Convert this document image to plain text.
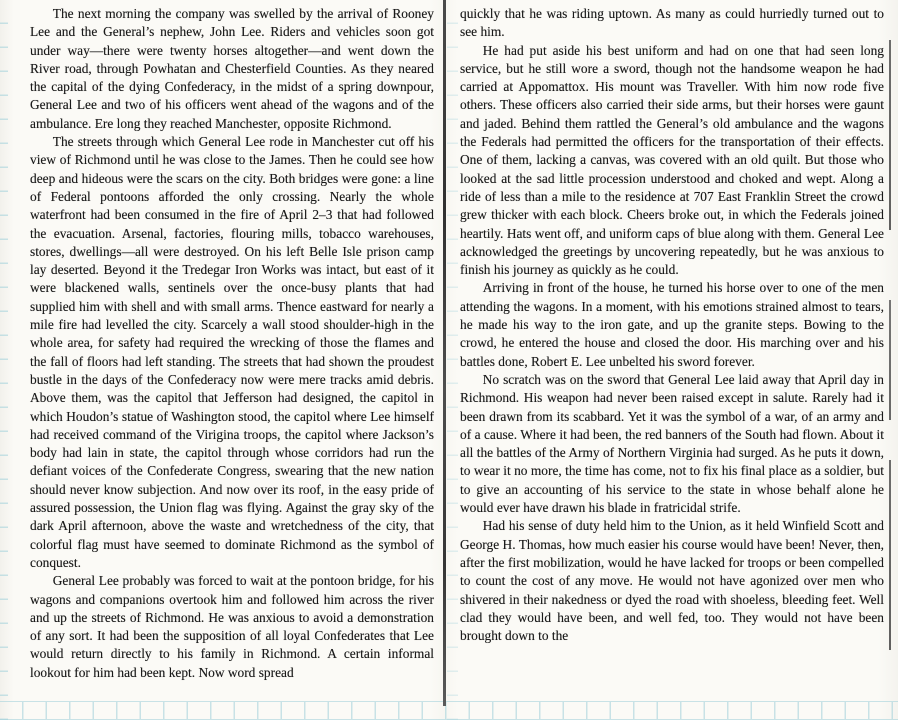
The next morning the company was swelled by the arrival of Rooney Lee and the General’s nephew, John Lee. Riders and vehicles soon got under way—there were twenty horses altogether—and went down the River road, through Powhatan and Chesterfield Counties. As they neared the capital of the dying Confederacy, in the midst of a spring downpour, General Lee and two of his officers went ahead of the wagons and of the ambulance. Ere long they reached Manchester, opposite Richmond.

The streets through which General Lee rode in Manchester cut off his view of Richmond until he was close to the James. Then he could see how deep and hideous were the scars on the city. Both bridges were gone: a line of Federal pontoons afforded the only crossing. Nearly the whole waterfront had been consumed in the fire of April 2–3 that had followed the evacuation. Arsenal, factories, flouring mills, tobacco warehouses, stores, dwellings—all were destroyed. On his left Belle Isle prison camp lay deserted. Beyond it the Tredegar Iron Works was intact, but east of it were blackened walls, sentinels over the once-busy plants that had supplied him with shell and with small arms. Thence eastward for nearly a mile fire had levelled the city. Scarcely a wall stood shoulder-high in the whole area, for safety had required the wrecking of those the flames and the fall of floors had left standing. The streets that had shown the proudest bustle in the days of the Confederacy now were mere tracks amid debris. Above them, was the capitol that Jefferson had designed, the capitol in which Houdon’s statue of Washington stood, the capitol where Lee himself had received command of the Virigina troops, the capitol where Jackson’s body had lain in state, the capitol through whose corridors had run the defiant voices of the Confederate Congress, swearing that the new nation should never know subjection. And now over its roof, in the easy pride of assured possession, the Union flag was flying. Against the gray sky of the dark April afternoon, above the waste and wretchedness of the city, that colorful flag must have seemed to dominate Richmond as the symbol of conquest.

General Lee probably was forced to wait at the pontoon bridge, for his wagons and companions overtook him and followed him across the river and up the streets of Richmond. He was anxious to avoid a demonstration of any sort. It had been the supposition of all loyal Confederates that Lee would return directly to his family in Richmond. A certain informal lookout for him had been kept. Now word spread

quickly that he was riding uptown. As many as could hurriedly turned out to see him.

He had put aside his best uniform and had on one that had seen long service, but he still wore a sword, though not the handsome weapon he had carried at Appomattox. His mount was Traveller. With him now rode five others. These officers also carried their side arms, but their horses were gaunt and jaded. Behind them rattled the General’s old ambulance and the wagons the Federals had permitted the officers for the transportation of their effects. One of them, lacking a canvas, was covered with an old quilt. But those who looked at the sad little procession understood and choked and wept. Along a ride of less than a mile to the residence at 707 East Franklin Street the crowd grew thicker with each block. Cheers broke out, in which the Federals joined heartily. Hats went off, and uniform caps of blue along with them. General Lee acknowledged the greetings by uncovering repeatedly, but he was anxious to finish his journey as quickly as he could.

Arriving in front of the house, he turned his horse over to one of the men attending the wagons. In a moment, with his emotions strained almost to tears, he made his way to the iron gate, and up the granite steps. Bowing to the crowd, he entered the house and closed the door. His marching over and his battles done, Robert E. Lee unbelted his sword forever.

No scratch was on the sword that General Lee laid away that April day in Richmond. His weapon had never been raised except in salute. Rarely had it been drawn from its scabbard. Yet it was the symbol of a war, of an army and of a cause. Where it had been, the red banners of the South had flown. About it all the battles of the Army of Northern Virginia had surged. As he puts it down, to wear it no more, the time has come, not to fix his final place as a soldier, but to give an accounting of his service to the state in whose behalf alone he would ever have drawn his blade in fratricidal strife.

Had his sense of duty held him to the Union, as it held Winfield Scott and George H. Thomas, how much easier his course would have been! Never, then, after the first mobilization, would he have lacked for troops or been compelled to count the cost of any move. He would not have agonized over men who shivered in their nakedness or dyed the road with shoeless, bleeding feet. Well clad they would have been, and well fed, too. They would not have been brought down to the
